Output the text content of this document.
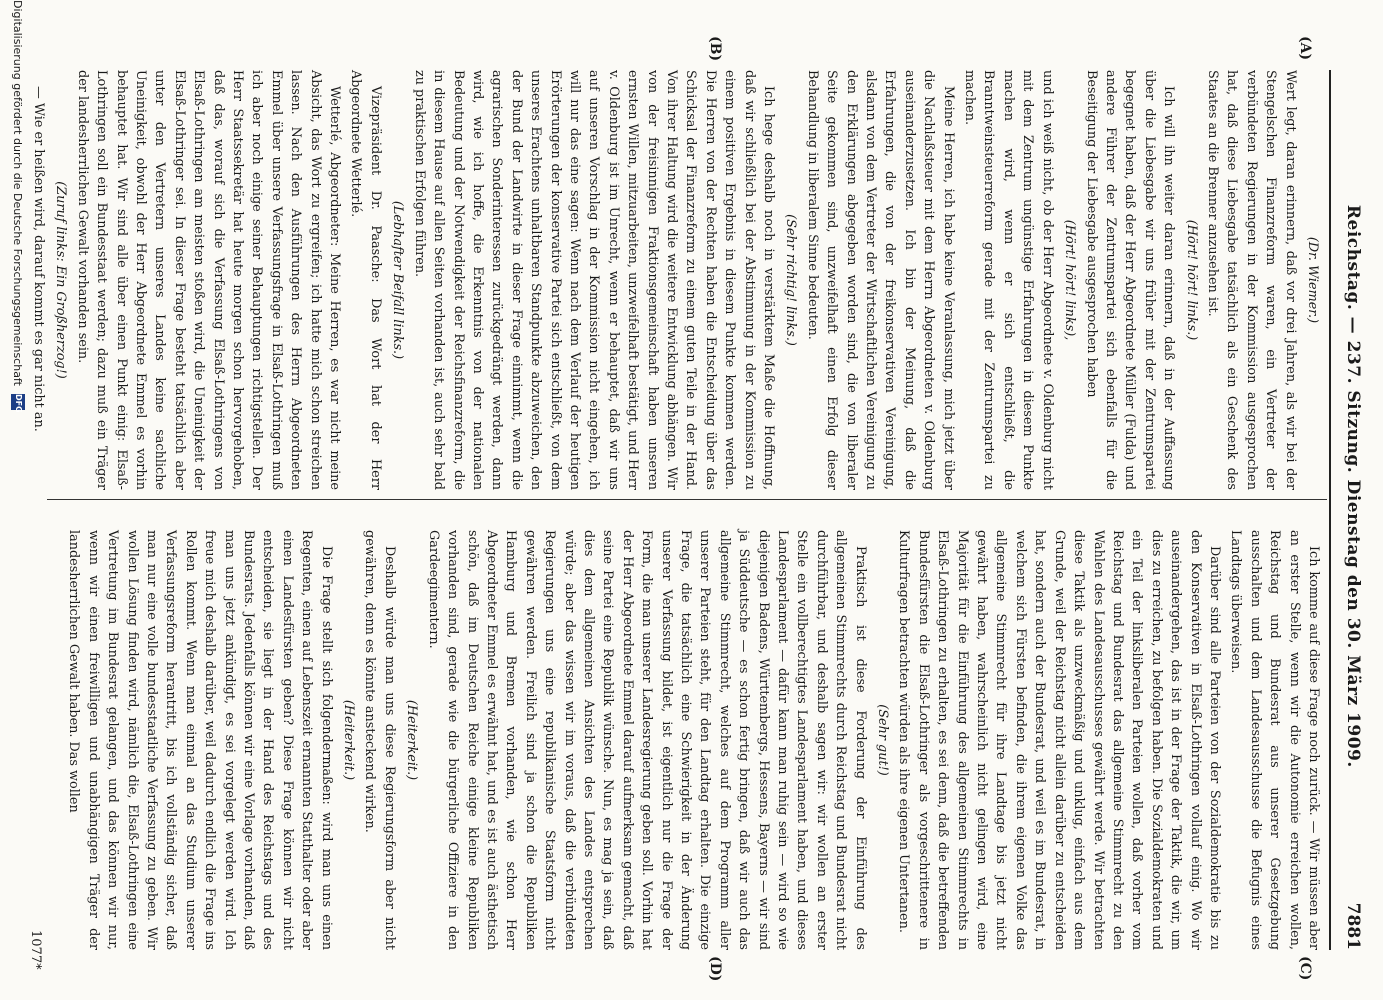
Reichstag. — 237. Sitzung. Dienstag den 30. März 1909.
7881
(A)
(B)
(C)
(D)
(Dr. Wiemer.)

Wert legt, daran erinnern, daß vor drei Jahren, als wir bei der Stengelschen Finanzreform waren, ein Vertreter der verbündeten Regierungen in der Kommission ausgesprochen hat, daß diese Liebesgabe tatsächlich als ein Geschenk des Staates an die Brenner anzusehen ist.

(Hört! hört! links.)

Ich will ihn weiter daran erinnern, daß in der Auffassung über die Liebesgabe wir uns früher mit der Zentrumspartei begegnet haben, daß der Herr Abgeordnete Müller (Fulda) und andere Führer der Zentrumspartei sich ebenfalls für die Beseitigung der Liebesgabe ausgesprochen haben

(Hört! hört! links),

und ich weiß nicht, ob der Herr Abgeordnete v. Oldenburg nicht mit dem Zentrum ungünstige Erfahrungen in diesem Punkte machen wird, wenn er sich entschließt, die Branntweinsteuerreform gerade mit der Zentrumspartei zu machen.

Meine Herren, ich habe keine Veranlassung, mich jetzt über die Nachlaßsteuer mit dem Herrn Abgeordneten v. Oldenburg auseinanderzusetzen. Ich bin der Meinung, daß die Erfahrungen, die von der freikonservativen Vereinigung, alsdann von dem Vertreter der Wirtschaftlichen Vereinigung zu den Erklärungen abgegeben worden sind, die von liberaler Seite gekommen sind, unzweifelhaft einen Erfolg dieser Behandlung in liberalem Sinne bedeuten.

(Sehr richtig! links.)

Ich hege deshalb noch in verstärktem Maße die Hoffnung, daß wir schließlich bei der Abstimmung in der Kommission zu einem positiven Ergebnis in diesem Punkte kommen werden. Die Herren von der Rechten haben die Entscheidung über das Schicksal der Finanzreform zu einem guten Teile in der Hand. Von ihrer Haltung wird die weitere Entwicklung abhängen. Wir von der freisinnigen Fraktionsgemeinschaft haben unseren ernsten Willen, mitzuarbeiten, unzweifelhaft bestätigt, und Herr v. Oldenburg ist im Unrecht, wenn er behauptet, daß wir uns auf unseren Vorschlag in der Kommission nicht eingehen, ich will nur das eine sagen: Wenn nach dem Verlauf der heutigen Erörterungen der konservative Partei sich entschließt, von dem unseres Erachtens unhaltbaren Standpunkte abzuweichen, den der Bund der Landwirte in dieser Frage einnimmt, wenn die agrarischen Sonderinteressen zurückgedrängt werden, dann wird, wie ich hoffe, die Erkenntnis von der nationalen Bedeutung und der Notwendigkeit der Reichsfinanzreform, die in diesem Hause auf allen Seiten vorhanden ist, auch sehr bald zu praktischen Erfolgen führen.

(Lebhafter Beifall links.)

Vizepräsident Dr. Paasche: Das Wort hat der Herr Abgeordnete Wetterlé.

Wetterlé, Abgeordneter: Meine Herren, es war nicht meine Absicht, das Wort zu ergreifen; ich hatte mich schon streichen lassen. Nach den Ausführungen des Herrn Abgeordneten Emmel über unsere Verfassungsfrage in Elsaß-Lothringen muß ich aber noch einige seiner Behauptungen richtigstellen. Der Herr Staatssekretär hat heute morgen schon hervorgehoben, daß das, worauf sich die Verfassung Elsaß-Lothringens von Elsaß-Lothringen am meisten stoßen wird, die Uneinigkeit der Elsaß-Lothringer sei. In dieser Frage besteht tatsächlich aber unter den Vertretern unseres Landes keine sachliche Uneinigkeit, obwohl der Herr Abgeordnete Emmel es vorhin behauptet hat. Wir sind alle über einen Punkt einig: Elsaß-Lothringen soll ein Bundesstaat werden; dazu muß ein Träger der landesherrlichen Gewalt vorhanden sein.

(Zuruf links: Ein Großherzog!)

— Wie er heißen wird, darauf kommt es gar nicht an.

Ich komme auf diese Frage noch zurück. — Wir müssen aber an erster Stelle, wenn wir die Autonomie erreichen wollen, Reichstag und Bundesrat aus unserer Gesetzgebung ausschalten und dem Landesausschusse die Befugnis eines Landtags überweisen.

Darüber sind alle Parteien von der Sozialdemokratie bis zu den Konservativen in Elsaß-Lothringen vollauf einig. Wo wir auseinandergehen, das ist in der Frage der Taktik, die wir, um dies zu erreichen, zu befolgen haben. Die Sozialdemokraten und ein Teil der linksliberalen Parteien wollen, daß vorher vom Reichstag und Bundesrat das allgemeine Stimmrecht zu den Wahlen des Landesausschusses gewährt werde. Wir betrachten diese Taktik als unzweckmäßig und unklug, einfach aus dem Grunde, weil der Reichstag nicht allein darüber zu entscheiden hat, sondern auch der Bundesrat, und weil es im Bundesrat, in welchem sich Fürsten befinden, die ihrem eigenen Volke das allgemeine Stimmrecht für ihre Landtage bis jetzt nicht gewährt haben, wahrscheinlich nicht gelingen wird, eine Majorität für die Einführung des allgemeinen Stimmrechts in Elsaß-Lothringen zu erhalten, es sei denn, daß die betreffenden Bundesfürsten die Elsaß-Lothringer als vorgeschrittenere in Kulturfragen betrachten würden als ihre eigenen Untertanen.

(Sehr gut!)

Praktisch ist diese Forderung der Einführung des allgemeinen Stimmrechts durch Reichstag und Bundesrat nicht durchführbar, und deshalb sagen wir: wir wollen an erster Stelle ein vollberechtigtes Landesparlament haben, und dieses Landesparlament — dafür kann man ruhig sein — wird so wie diejenigen Badens, Württembergs, Hessens, Bayerns — wir sind ja Süddeutsche — es schon fertig bringen, daß wir auch das allgemeine Stimmrecht, welches auf dem Programm aller unserer Parteien steht, für den Landtag erhalten. Die einzige Frage, die tatsächlich eine Schwierigkeit in der Änderung unserer Verfassung bildet, ist eigentlich nur die Frage der Form, die man unserer Landesregierung geben soll. Vorhin hat der Herr Abgeordnete Emmel darauf aufmerksam gemacht, daß seine Partei eine Republik wünsche. Nun, es mag ja sein, daß dies dem allgemeinen Ansichten des Landes entsprechen würde; aber das wissen wir im voraus, daß die verbündeten Regierungen uns eine republikanische Staatsform nicht gewähren werden. Freilich sind ja schon die Republiken Hamburg und Bremen vorhanden, wie schon Herr Abgeordneter Emmel es erwähnt hat, und es ist auch ästhetisch schön, daß im Deutschen Reiche einige kleine Republiken vorhanden sind, gerade wie die bürgerliche Offiziere in den Gardeegimentern.

(Heiterkeit.)

Deshalb würde man uns diese Regierungsform aber nicht gewähren, denn es könnte ansteckend wirken.

(Heiterkeit.)

Die Frage stellt sich folgendermaßen: wird man uns einen Regenten, einen auf Lebenszeit ernannten Statthalter oder aber einen Landesfürsten geben? Diese Frage können wir nicht entscheiden, sie liegt in der Hand des Reichstags und des Bundesrats. Jedenfalls können wir eine Vorlage vorhanden, daß man uns jetzt ankündigt, es sei vorgelegt werden wird. Ich freue mich deshalb darüber, weil dadurch endlich die Frage ins Rollen kommt. Wenn man einmal an das Studium unserer Verfassungsreform herantritt, bis ich vollständig sicher, daß man nur eine volle bundesstaatliche Verfassung zu geben. Wir wollen Lösung finden wird, nämlich die, Elsaß-Lothringen eine Vertretung im Bundesrat gelangen, und das können wir nur, wenn wir einen freiwilligen und unabhängigen Träger der landesherrlichen Gewalt haben. Das wollen

1077*
Digitalisierung gefördert durch die Deutsche Forschungsgemeinschaft
DFG
